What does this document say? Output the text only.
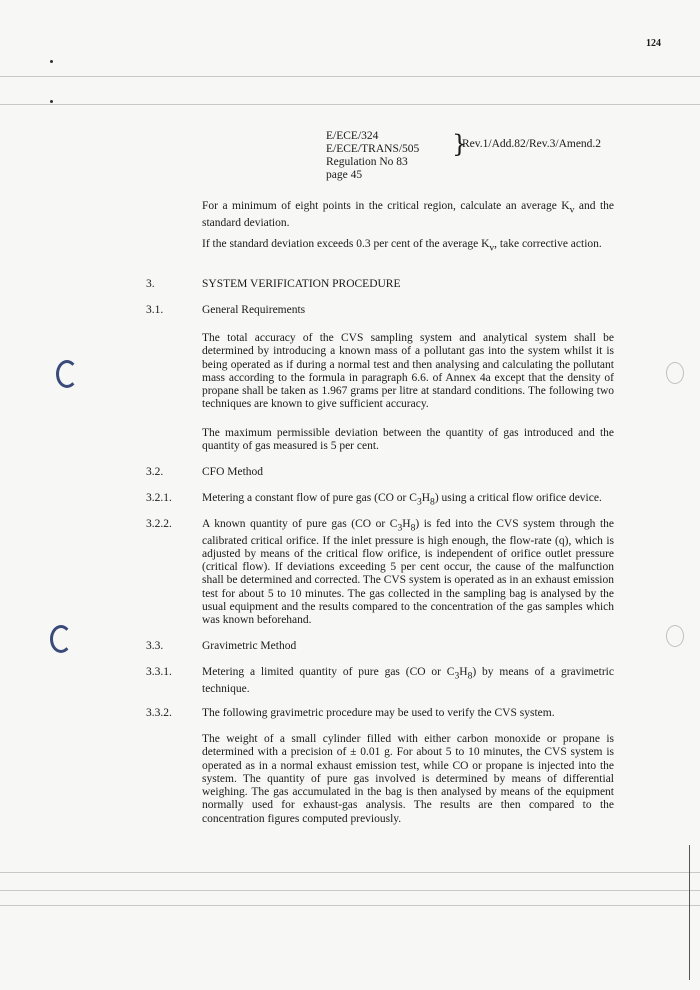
124
E/ECE/324
E/ECE/TRANS/505
Regulation No 83
page 45
}
Rev.1/Add.82/Rev.3/Amend.2
For a minimum of eight points in the critical region, calculate an average $K_v$ and the standard deviation.
If the standard deviation exceeds 0.3 per cent of the average $K_v$, take corrective action.
3.	SYSTEM VERIFICATION PROCEDURE
3.1.	General Requirements
The total accuracy of the CVS sampling system and analytical system shall be determined by introducing a known mass of a pollutant gas into the system whilst it is being operated as if during a normal test and then analysing and calculating the pollutant mass according to the formula in paragraph 6.6. of Annex 4a except that the density of propane shall be taken as 1.967 grams per litre at standard conditions. The following two techniques are known to give sufficient accuracy.
The maximum permissible deviation between the quantity of gas introduced and the quantity of gas measured is 5 per cent.
3.2.	CFO Method
3.2.1.	Metering a constant flow of pure gas (CO or $C_3H_8$) using a critical flow orifice device.
3.2.2.	A known quantity of pure gas (CO or $C_3H_8$) is fed into the CVS system through the calibrated critical orifice. If the inlet pressure is high enough, the flow-rate (q), which is adjusted by means of the critical flow orifice, is independent of orifice outlet pressure (critical flow). If deviations exceeding 5 per cent occur, the cause of the malfunction shall be determined and corrected. The CVS system is operated as in an exhaust emission test for about 5 to 10 minutes. The gas collected in the sampling bag is analysed by the usual equipment and the results compared to the concentration of the gas samples which was known beforehand.
3.3.	Gravimetric Method
3.3.1.	Metering a limited quantity of pure gas (CO or $C_3H_8$) by means of a gravimetric technique.
3.3.2.	The following gravimetric procedure may be used to verify the CVS system.
The weight of a small cylinder filled with either carbon monoxide or propane is determined with a precision of ± 0.01 g. For about 5 to 10 minutes, the CVS system is operated as in a normal exhaust emission test, while CO or propane is injected into the system. The quantity of pure gas involved is determined by means of differential weighing. The gas accumulated in the bag is then analysed by means of the equipment normally used for exhaust-gas analysis. The results are then compared to the concentration figures computed previously.
